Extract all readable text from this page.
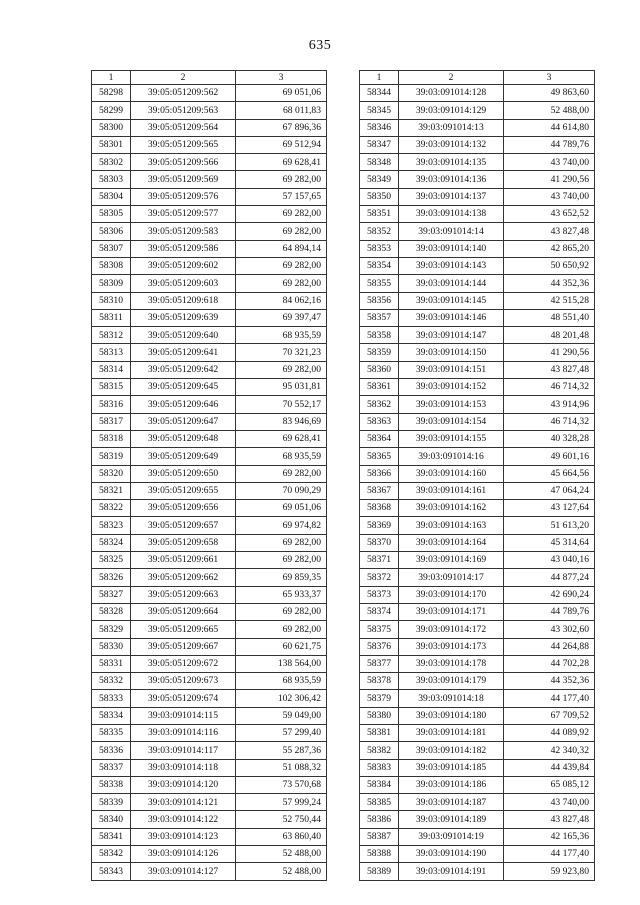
635
1	2	3
58298	39:05:051209:562	69 051,06
58299	39:05:051209:563	68 011,83
58300	39:05:051209:564	67 896,36
58301	39:05:051209:565	69 512,94
58302	39:05:051209:566	69 628,41
58303	39:05:051209:569	69 282,00
58304	39:05:051209:576	57 157,65
58305	39:05:051209:577	69 282,00
58306	39:05:051209:583	69 282,00
58307	39:05:051209:586	64 894,14
58308	39:05:051209:602	69 282,00
58309	39:05:051209:603	69 282,00
58310	39:05:051209:618	84 062,16
58311	39:05:051209:639	69 397,47
58312	39:05:051209:640	68 935,59
58313	39:05:051209:641	70 321,23
58314	39:05:051209:642	69 282,00
58315	39:05:051209:645	95 031,81
58316	39:05:051209:646	70 552,17
58317	39:05:051209:647	83 946,69
58318	39:05:051209:648	69 628,41
58319	39:05:051209:649	68 935,59
58320	39:05:051209:650	69 282,00
58321	39:05:051209:655	70 090,29
58322	39:05:051209:656	69 051,06
58323	39:05:051209:657	69 974,82
58324	39:05:051209:658	69 282,00
58325	39:05:051209:661	69 282,00
58326	39:05:051209:662	69 859,35
58327	39:05:051209:663	65 933,37
58328	39:05:051209:664	69 282,00
58329	39:05:051209:665	69 282,00
58330	39:05:051209:667	60 621,75
58331	39:05:051209:672	138 564,00
58332	39:05:051209:673	68 935,59
58333	39:05:051209:674	102 306,42
58334	39:03:091014:115	59 049,00
58335	39:03:091014:116	57 299,40
58336	39:03:091014:117	55 287,36
58337	39:03:091014:118	51 088,32
58338	39:03:091014:120	73 570,68
58339	39:03:091014:121	57 999,24
58340	39:03:091014:122	52 750,44
58341	39:03:091014:123	63 860,40
58342	39:03:091014:126	52 488,00
58343	39:03:091014:127	52 488,00
1	2	3
58344	39:03:091014:128	49 863,60
58345	39:03:091014:129	52 488,00
58346	39:03:091014:13	44 614,80
58347	39:03:091014:132	44 789,76
58348	39:03:091014:135	43 740,00
58349	39:03:091014:136	41 290,56
58350	39:03:091014:137	43 740,00
58351	39:03:091014:138	43 652,52
58352	39:03:091014:14	43 827,48
58353	39:03:091014:140	42 865,20
58354	39:03:091014:143	50 650,92
58355	39:03:091014:144	44 352,36
58356	39:03:091014:145	42 515,28
58357	39:03:091014:146	48 551,40
58358	39:03:091014:147	48 201,48
58359	39:03:091014:150	41 290,56
58360	39:03:091014:151	43 827,48
58361	39:03:091014:152	46 714,32
58362	39:03:091014:153	43 914,96
58363	39:03:091014:154	46 714,32
58364	39:03:091014:155	40 328,28
58365	39:03:091014:16	49 601,16
58366	39:03:091014:160	45 664,56
58367	39:03:091014:161	47 064,24
58368	39:03:091014:162	43 127,64
58369	39:03:091014:163	51 613,20
58370	39:03:091014:164	45 314,64
58371	39:03:091014:169	43 040,16
58372	39:03:091014:17	44 877,24
58373	39:03:091014:170	42 690,24
58374	39:03:091014:171	44 789,76
58375	39:03:091014:172	43 302,60
58376	39:03:091014:173	44 264,88
58377	39:03:091014:178	44 702,28
58378	39:03:091014:179	44 352,36
58379	39:03:091014:18	44 177,40
58380	39:03:091014:180	67 709,52
58381	39:03:091014:181	44 089,92
58382	39:03:091014:182	42 340,32
58383	39:03:091014:185	44 439,84
58384	39:03:091014:186	65 085,12
58385	39:03:091014:187	43 740,00
58386	39:03:091014:189	43 827,48
58387	39:03:091014:19	42 165,36
58388	39:03:091014:190	44 177,40
58389	39:03:091014:191	59 923,80
